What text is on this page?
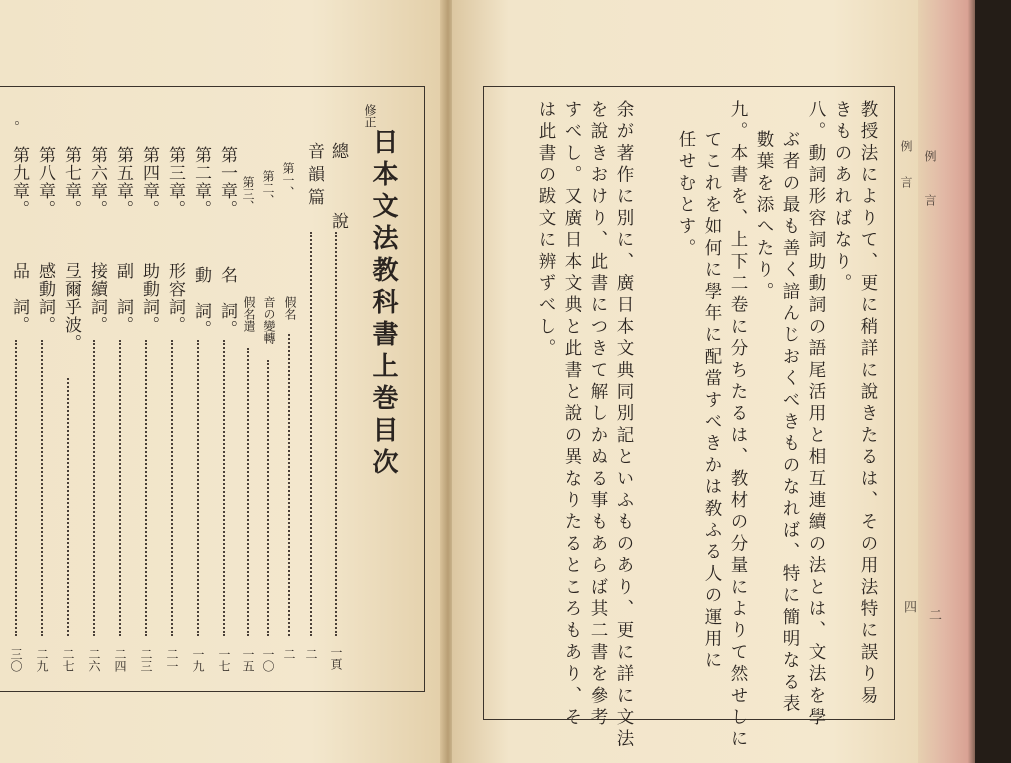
修正
日本文法教科書上巻目次
總　說
一頁
音韻篇
二
第一、
假名
二
第二、
音の變轉
一〇
第三、
假名遣
一五
第一章。
名　詞。
一七
第二章。
動　詞。
一九
第三章。
形容詞。
二一
第四章。
助動詞。
二三
第五章。
副　詞。
二四
第六章。
接續詞。
二六
第七章。
弖爾乎波。
二七
第八章。
感動詞。
二九
第九章。
品　詞。
三〇
。	教授法によりて、更に稍詳に說きたるは、その用法特に誤り易
きものあればなり。
八。動詞形容詞助動詞の語尾活用と相互連續の法とは、文法を學
ぶ者の最も善く諳んじおくべきものなれば、特に簡明なる表
數葉を添へたり。
九。本書を、上下二卷に分ちたるは、教材の分量によりて然せしに
てこれを如何に學年に配當すべきかは敎ふる人の運用に
任せむとす。
余が著作に別に、廣日本文典同別記といふものあり、更に詳に文法
を說きおけり、此書につきて解しかぬる事もあらば其二書を參考
すべし。又廣日本文典と此書と說の異なりたるところもあり、そ
は此書の跋文に辨ずべし。	例　言
四
例　言
二
